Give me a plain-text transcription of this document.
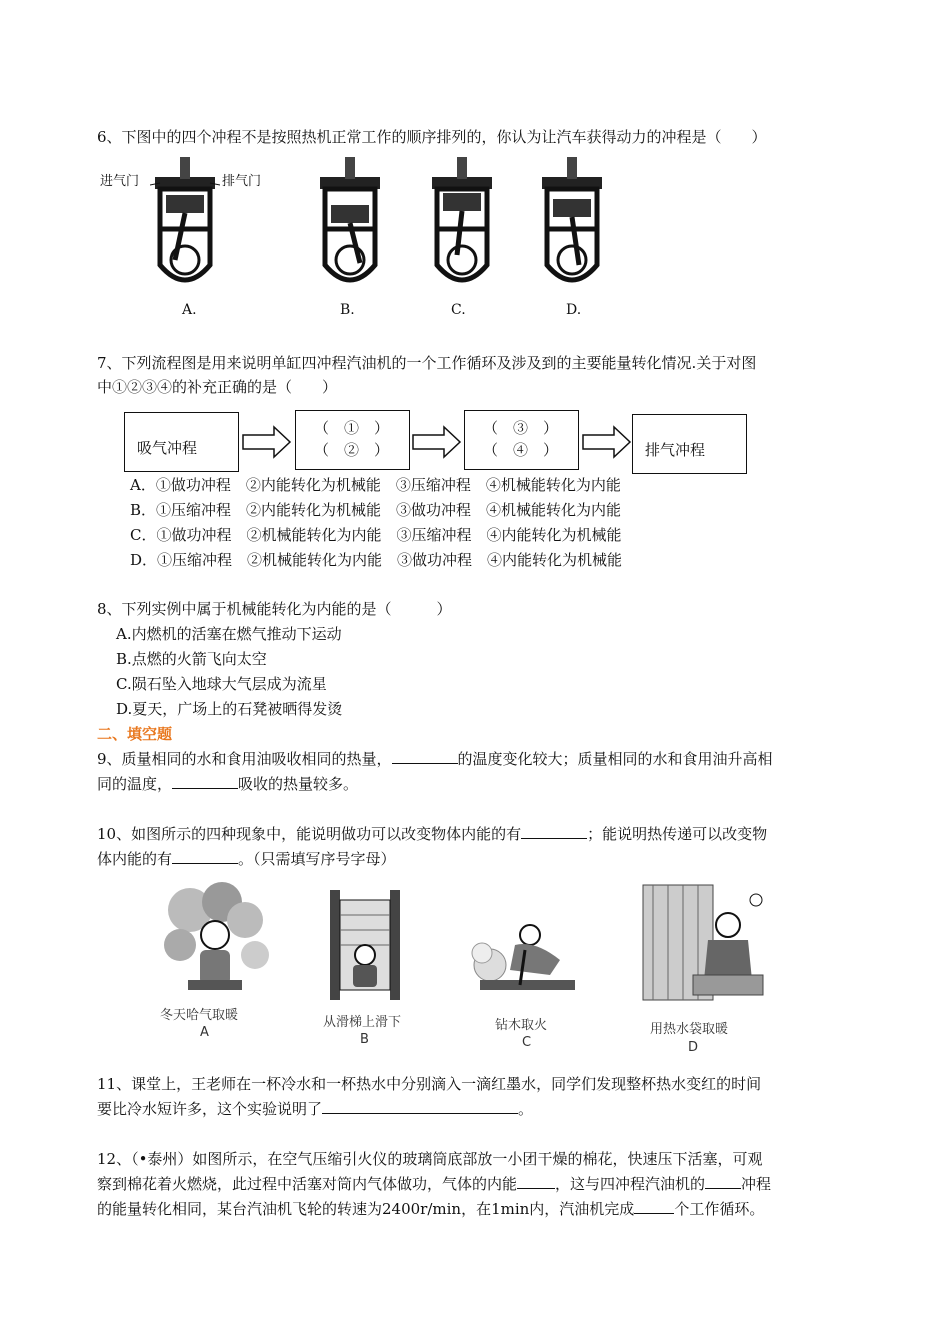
6、下图中的四个冲程不是按照热机正常工作的顺序排列的，你认为让汽车获得动力的冲程是（　　）
进气门	排气门
A.	B.	C.	D.
7、下列流程图是用来说明单缸四冲程汽油机的一个工作循环及涉及到的主要能量转化情况.关于对图
中①②③④的补充正确的是（　　）
吸气冲程
（　①　）
（　②　）
（　③　）
（　④　）	排气冲程
A．①做功冲程　②内能转化为机械能　③压缩冲程　④机械能转化为内能
B．①压缩冲程　②内能转化为机械能　③做功冲程　④机械能转化为内能
C．①做功冲程　②机械能转化为内能　③压缩冲程　④内能转化为机械能
D．①压缩冲程　②机械能转化为内能　③做功冲程　④内能转化为机械能
8、下列实例中属于机械能转化为内能的是（　　　）
A.内燃机的活塞在燃气推动下运动
B.点燃的火箭飞向太空
C.陨石坠入地球大气层成为流星
D.夏天，广场上的石凳被晒得发烫
二、填空题
9、质量相同的水和食用油吸收相同的热量，	的温度变化较大；质量相同的水和食用油升高相
同的温度，	吸收的热量较多。
10、如图所示的四种现象中，能说明做功可以改变物体内能的有	；能说明热传递可以改变物
体内能的有	。（只需填写序号字母）
冬天哈气取暖
A
从滑梯上滑下
B
钻木取火
C
用热水袋取暖
D
11、课堂上，王老师在一杯冷水和一杯热水中分别滴入一滴红墨水，同学们发现整杯热水变红的时间
要比冷水短许多，这个实验说明了	。
12、（•泰州）如图所示，在空气压缩引火仪的玻璃筒底部放一小团干燥的棉花，快速压下活塞，可观
察到棉花着火燃烧，此过程中活塞对筒内气体做功，气体的内能	，这与四冲程汽油机的 冲程
的能量转化相同，某台汽油机飞轮的转速为2400r/min，在1min内，汽油机完成	个工作循环。
